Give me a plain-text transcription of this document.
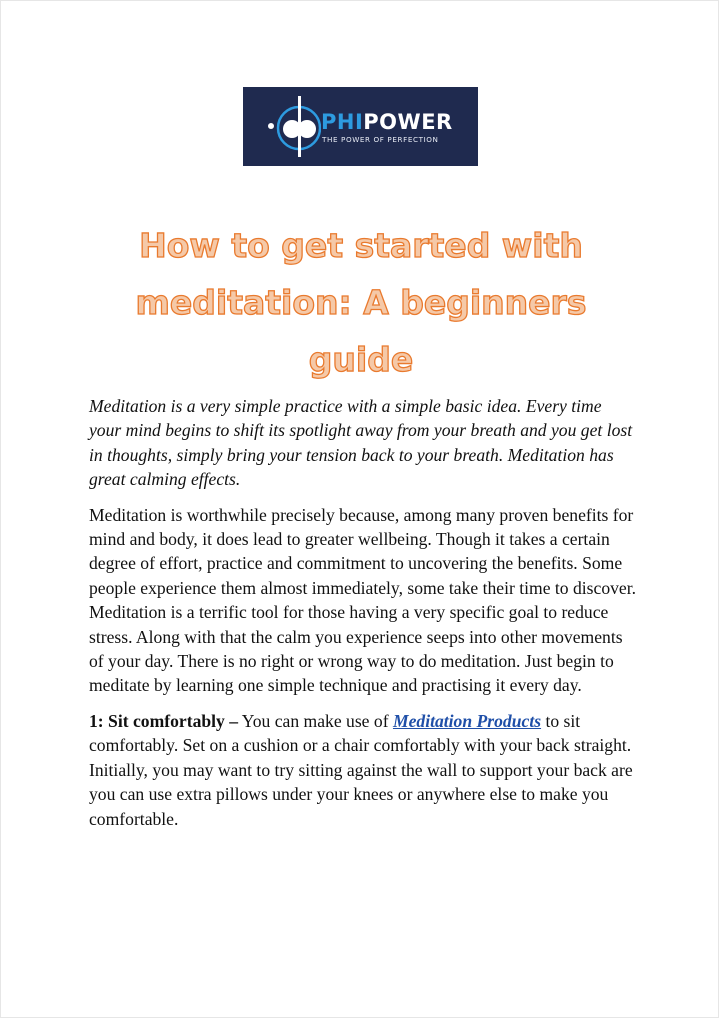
PHIPOWER
THE POWER OF PERFECTION
How to get started with
meditation: A beginners
guide

Meditation is a very simple practice with a simple basic idea. Every time your mind begins to shift its spotlight away from your breath and you get lost in thoughts, simply bring your tension back to your breath. Meditation has great calming effects.

Meditation is worthwhile precisely because, among many proven benefits for mind and body, it does lead to greater wellbeing. Though it takes a certain degree of effort, practice and commitment to uncovering the benefits. Some people experience them almost immediately, some take their time to discover. Meditation is a terrific tool for those having a very specific goal to reduce stress. Along with that the calm you experience seeps into other movements of your day. There is no right or wrong way to do meditation. Just begin to meditate by learning one simple technique and practising it every day.

1: Sit comfortably – You can make use of Meditation Products to sit comfortably. Set on a cushion or a chair comfortably with your back straight. Initially, you may want to try sitting against the wall to support your back are you can use extra pillows under your knees or anywhere else to make you comfortable.
